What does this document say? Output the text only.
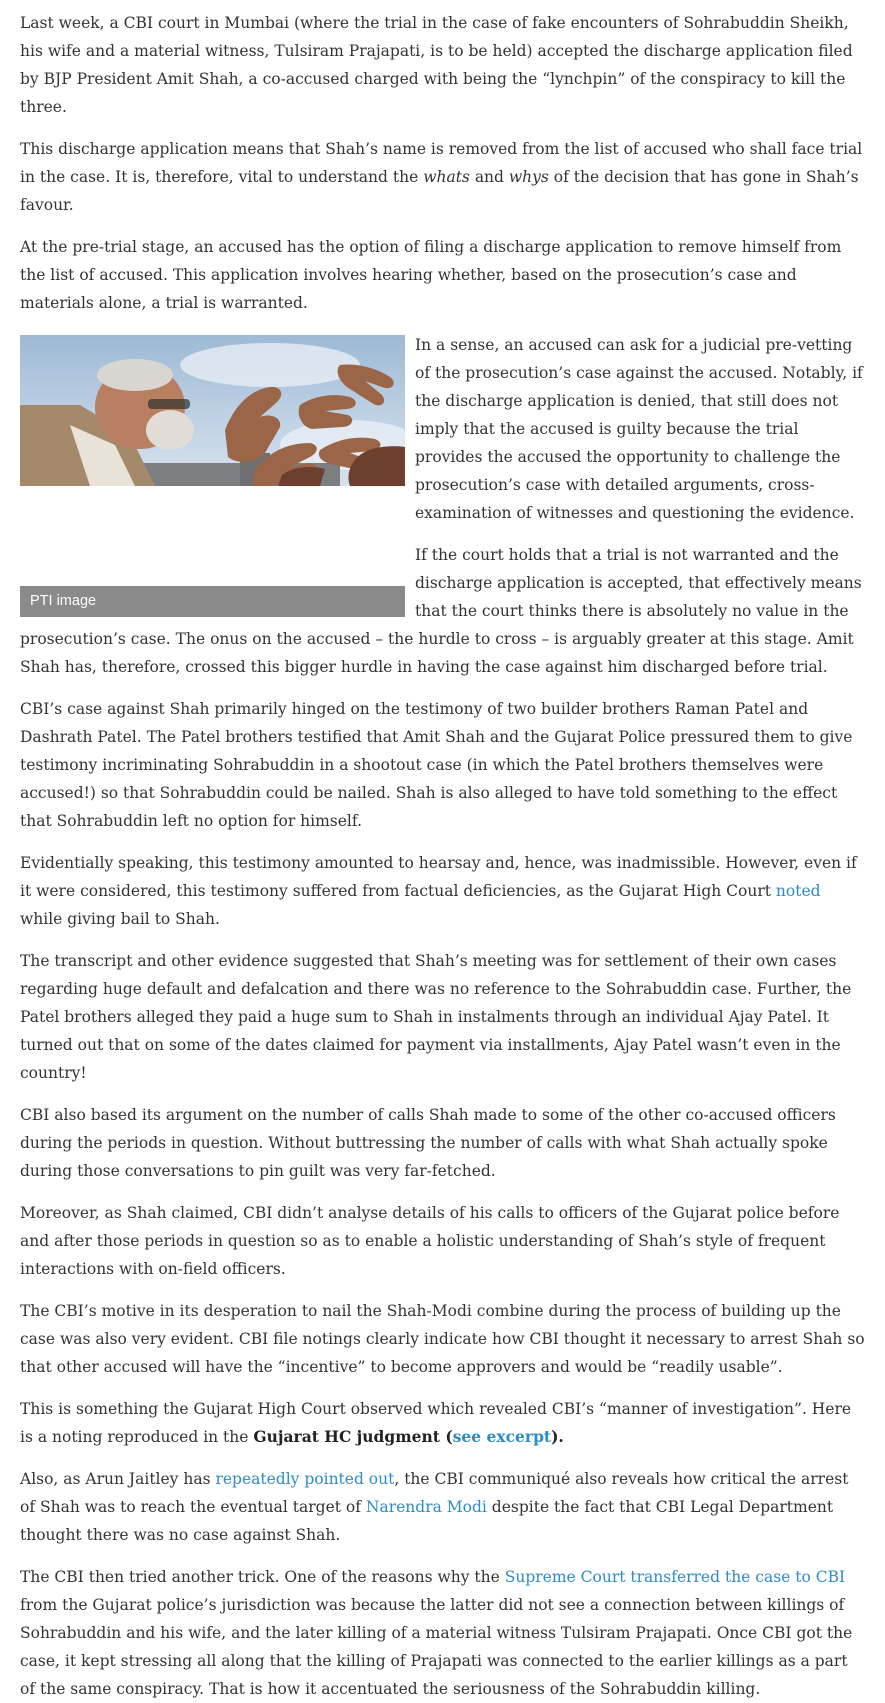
Last week, a CBI court in Mumbai (where the trial in the case of fake encounters of Sohrabuddin Sheikh, his wife and a material witness, Tulsiram Prajapati, is to be held) accepted the discharge application filed by BJP President Amit Shah, a co-accused charged with being the “lynchpin” of the conspiracy to kill the three.

This discharge application means that Shah’s name is removed from the list of accused who shall face trial in the case. It is, therefore, vital to understand the whats and whys of the decision that has gone in Shah’s favour.

At the pre-trial stage, an accused has the option of filing a discharge application to remove himself from the list of accused. This application involves hearing whether, based on the prosecution’s case and materials alone, a trial is warranted.

PTI image

In a sense, an accused can ask for a judicial pre-vetting of the prosecution’s case against the accused. Notably, if the discharge application is denied, that still does not imply that the accused is guilty because the trial provides the accused the opportunity to challenge the prosecution’s case with detailed arguments, cross-examination of witnesses and questioning the evidence.

If the court holds that a trial is not warranted and the discharge application is accepted, that effectively means that the court thinks there is absolutely no value in the prosecution’s case. The onus on the accused – the hurdle to cross – is arguably greater at this stage. Amit Shah has, therefore, crossed this bigger hurdle in having the case against him discharged before trial.

CBI’s case against Shah primarily hinged on the testimony of two builder brothers Raman Patel and Dashrath Patel. The Patel brothers testified that Amit Shah and the Gujarat Police pressured them to give testimony incriminating Sohrabuddin in a shootout case (in which the Patel brothers themselves were accused!) so that Sohrabuddin could be nailed. Shah is also alleged to have told something to the effect that Sohrabuddin left no option for himself.

Evidentially speaking, this testimony amounted to hearsay and, hence, was inadmissible. However, even if it were considered, this testimony suffered from factual deficiencies, as the Gujarat High Court noted while giving bail to Shah.

The transcript and other evidence suggested that Shah’s meeting was for settlement of their own cases regarding huge default and defalcation and there was no reference to the Sohrabuddin case. Further, the Patel brothers alleged they paid a huge sum to Shah in instalments through an individual Ajay Patel. It turned out that on some of the dates claimed for payment via installments, Ajay Patel wasn’t even in the country!

CBI also based its argument on the number of calls Shah made to some of the other co-accused officers during the periods in question. Without buttressing the number of calls with what Shah actually spoke during those conversations to pin guilt was very far-fetched.

Moreover, as Shah claimed, CBI didn’t analyse details of his calls to officers of the Gujarat police before and after those periods in question so as to enable a holistic understanding of Shah’s style of frequent interactions with on-field officers.

The CBI’s motive in its desperation to nail the Shah-Modi combine during the process of building up the case was also very evident. CBI file notings clearly indicate how CBI thought it necessary to arrest Shah so that other accused will have the “incentive” to become approvers and would be “readily usable”.

This is something the Gujarat High Court observed which revealed CBI’s “manner of investigation”. Here is a noting reproduced in the Gujarat HC judgment (see excerpt).

Also, as Arun Jaitley has repeatedly pointed out, the CBI communiqué also reveals how critical the arrest of Shah was to reach the eventual target of Narendra Modi despite the fact that CBI Legal Department thought there was no case against Shah.

The CBI then tried another trick. One of the reasons why the Supreme Court transferred the case to CBI from the Gujarat police’s jurisdiction was because the latter did not see a connection between killings of Sohrabuddin and his wife, and the later killing of a material witness Tulsiram Prajapati. Once CBI got the case, it kept stressing all along that the killing of Prajapati was connected to the earlier killings as a part of the same conspiracy. That is how it accentuated the seriousness of the Sohrabuddin killing.
